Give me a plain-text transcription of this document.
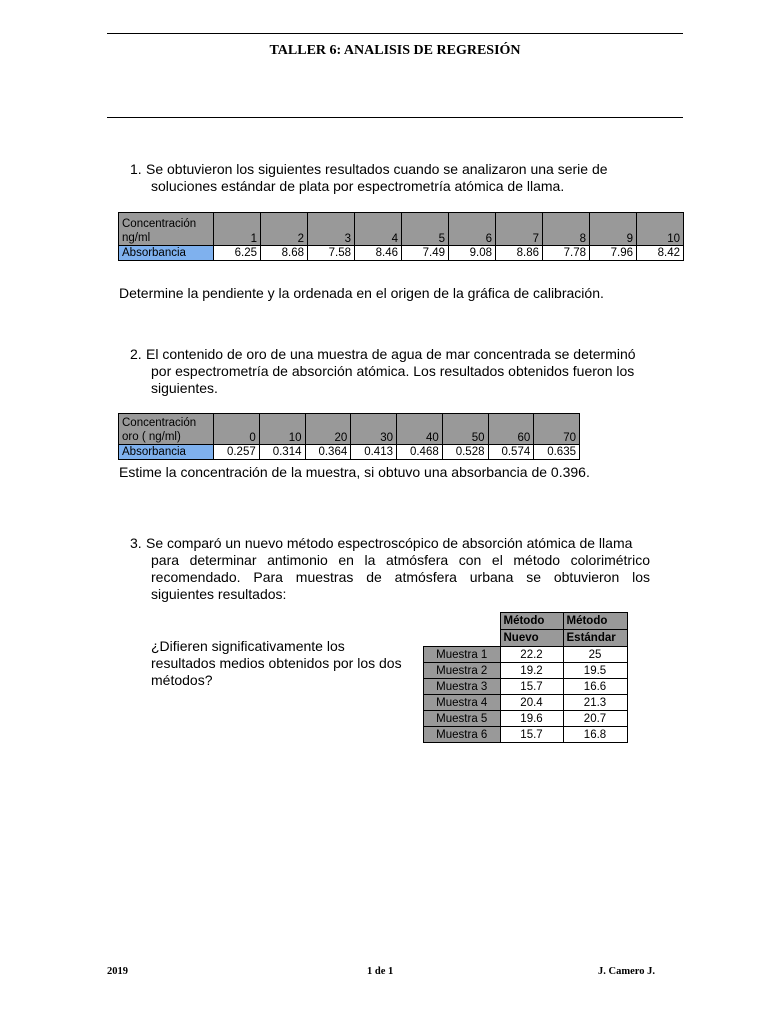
TALLER 6: ANALISIS DE REGRESIÓN
1. Se obtuvieron los siguientes resultados cuando se analizaron una serie de
soluciones estándar de plata por espectrometría atómica de llama.
Concentración
ng/ml	1	2	3	4	5	6	7	8	9	10
Absorbancia	6.25	8.68	7.58	8.46	7.49	9.08	8.86	7.78	7.96	8.42
Determine la pendiente y la ordenada en el origen de la gráfica de calibración.
2. El contenido de oro de una muestra de agua de mar concentrada se determinó
por espectrometría de absorción atómica. Los resultados obtenidos fueron los
siguientes.
Concentración
oro ( ng/ml)	0	10	20	30	40	50	60	70
Absorbancia	0.257	0.314	0.364	0.413	0.468	0.528	0.574	0.635
Estime la concentración de la muestra, si obtuvo una absorbancia de 0.396.
3. Se comparó un nuevo método espectroscópico de absorción atómica de llama
para determinar antimonio en la atmósfera con el método colorimétrico
recomendado. Para muestras de atmósfera urbana se obtuvieron los
siguientes resultados:
¿Difieren significativamente los
resultados medios obtenidos por los dos
métodos?
	Método	Método
	Nuevo	Estándar
Muestra 1	22.2	25
Muestra 2	19.2	19.5
Muestra 3	15.7	16.6
Muestra 4	20.4	21.3
Muestra 5	19.6	20.7
Muestra 6	15.7	16.8
2019	1 de 1	J. Camero J.
